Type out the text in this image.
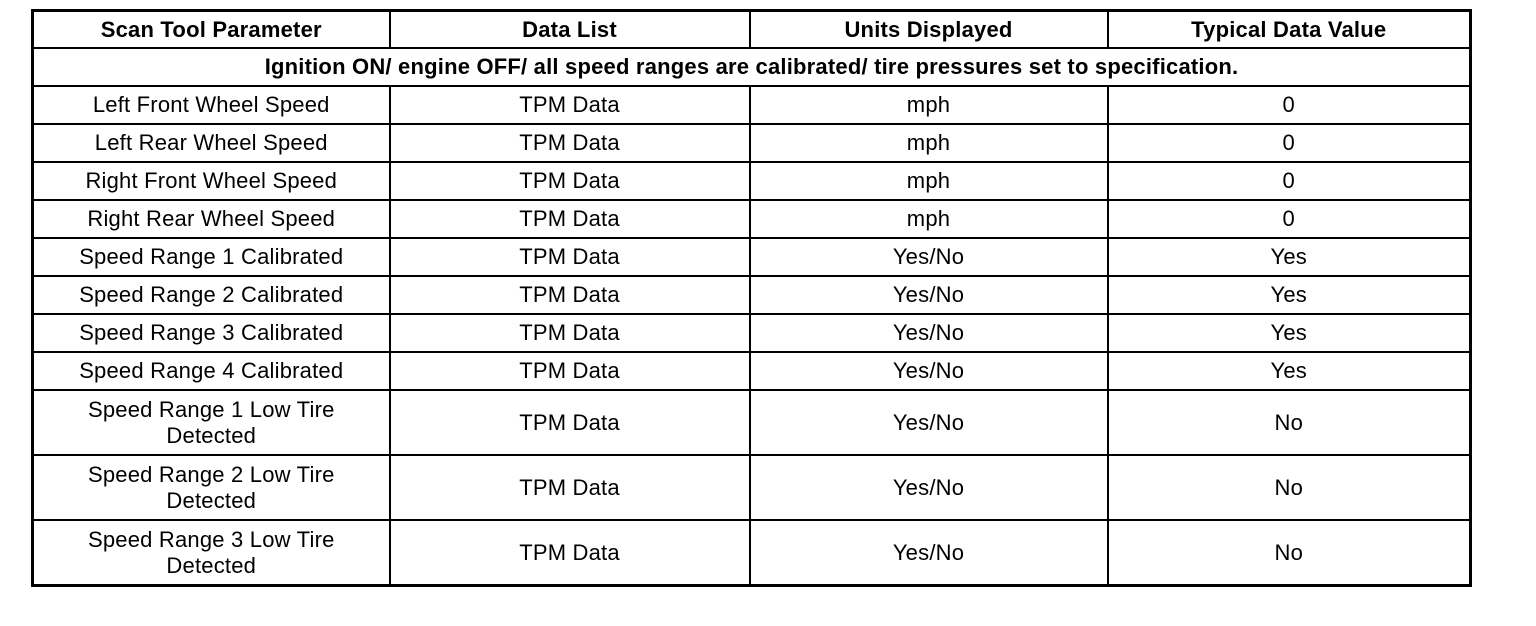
Scan Tool Parameter	Data List	Units Displayed	Typical Data Value
Ignition ON/ engine OFF/ all speed ranges are calibrated/ tire pressures set to specification.			
Left Front Wheel Speed	TPM Data	mph	0
Left Rear Wheel Speed	TPM Data	mph	0
Right Front Wheel Speed	TPM Data	mph	0
Right Rear Wheel Speed	TPM Data	mph	0
Speed Range 1 Calibrated	TPM Data	Yes/No	Yes
Speed Range 2 Calibrated	TPM Data	Yes/No	Yes
Speed Range 3 Calibrated	TPM Data	Yes/No	Yes
Speed Range 4 Calibrated	TPM Data	Yes/No	Yes
Speed Range 1 Low Tire Detected	TPM Data	Yes/No	No
Speed Range 2 Low Tire Detected	TPM Data	Yes/No	No
Speed Range 3 Low Tire Detected	TPM Data	Yes/No	No
